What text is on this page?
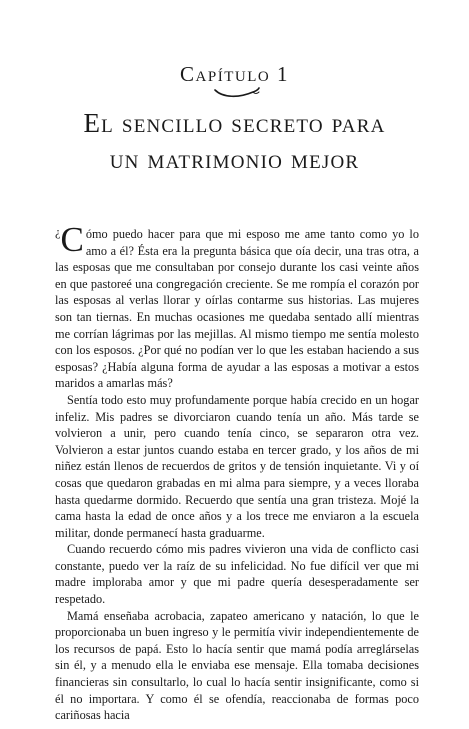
Capítulo 1
El sencillo secreto para
un matrimonio mejor

¿ C ómo puedo hacer para que mi esposo me ame tanto como yo lo amo a él? Ésta era la pregunta básica que oía decir, una tras otra, a las esposas que me consultaban por consejo durante los casi veinte años en que pastoreé una congregación creciente. Se me rompía el corazón por las esposas al verlas llorar y oírlas contarme sus historias. Las mujeres son tan tiernas. En muchas ocasiones me quedaba sentado allí mientras me corrían lágrimas por las mejillas. Al mismo tiempo me sentía molesto con los esposos. ¿Por qué no podían ver lo que les estaban haciendo a sus esposas? ¿Había alguna forma de ayudar a las esposas a motivar a estos maridos a amarlas más?

Sentía todo esto muy profundamente porque había crecido en un hogar infeliz. Mis padres se divorciaron cuando tenía un año. Más tarde se volvieron a unir, pero cuando tenía cinco, se separaron otra vez. Volvieron a estar juntos cuando estaba en tercer grado, y los años de mi niñez están llenos de recuerdos de gritos y de tensión inquietante. Vi y oí cosas que quedaron grabadas en mi alma para siempre, y a veces lloraba hasta quedarme dormido. Recuerdo que sentía una gran tristeza. Mojé la cama hasta la edad de once años y a los trece me enviaron a la escuela militar, donde permanecí hasta graduarme.

Cuando recuerdo cómo mis padres vivieron una vida de conflicto casi constante, puedo ver la raíz de su infelicidad. No fue difícil ver que mi madre imploraba amor y que mi padre quería desesperadamente ser respetado.

Mamá enseñaba acrobacia, zapateo americano y natación, lo que le proporcionaba un buen ingreso y le permitía vivir independientemente de los recursos de papá. Esto lo hacía sentir que mamá podía arreglárselas sin él, y a menudo ella le enviaba ese mensaje. Ella tomaba decisiones financieras sin consultarlo, lo cual lo hacía sentir insignificante, como si él no importara. Y como él se ofendía, reaccionaba de formas poco cariñosas hacia
